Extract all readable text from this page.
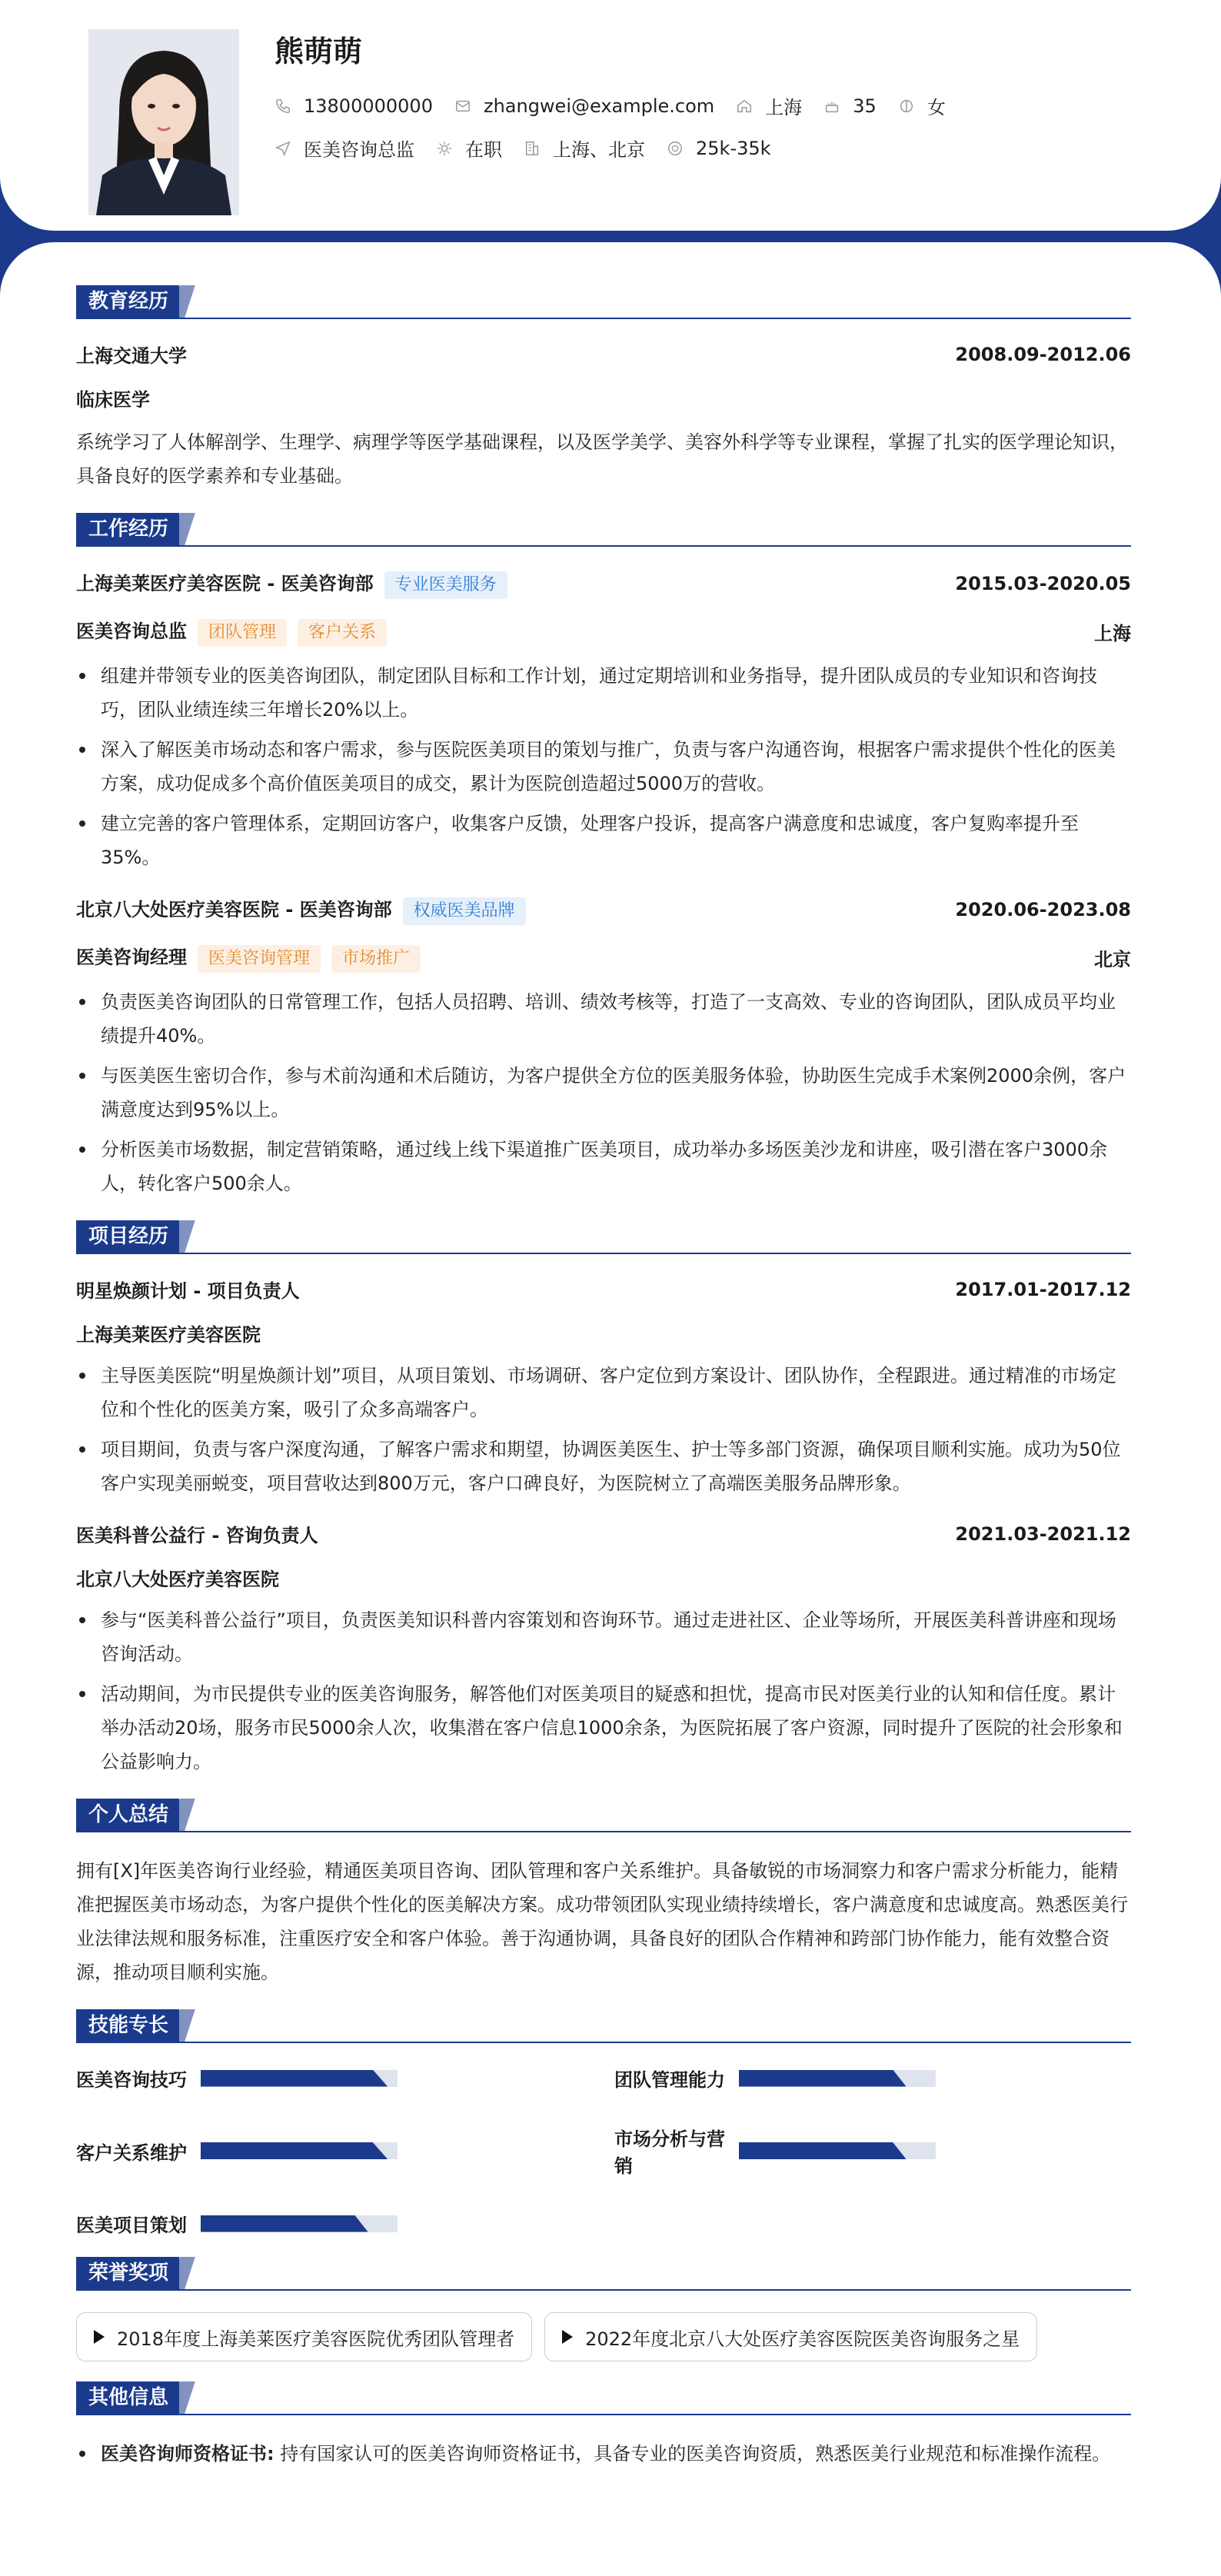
熊萌萌
13800000000	zhangwei@example.com	上海	35	女
医美咨询总监	在职	上海、北京	25k-35k
教育经历
上海交通大学	2008.09-2012.06
临床医学
系统学习了人体解剖学、生理学、病理学等医学基础课程，以及医学美学、美容外科学等专业课程，掌握了扎实的医学理论知识，具备良好的医学素养和专业基础。
工作经历
上海美莱医疗美容医院 - 医美咨询部 专业医美服务	2015.03-2020.05
医美咨询总监 团队管理 客户关系	上海
组建并带领专业的医美咨询团队，制定团队目标和工作计划，通过定期培训和业务指导，提升团队成员的专业知识和咨询技巧，团队业绩连续三年增长20%以上。
深入了解医美市场动态和客户需求，参与医院医美项目的策划与推广，负责与客户沟通咨询，根据客户需求提供个性化的医美方案，成功促成多个高价值医美项目的成交，累计为医院创造超过5000万的营收。
建立完善的客户管理体系，定期回访客户，收集客户反馈，处理客户投诉，提高客户满意度和忠诚度，客户复购率提升至35%。
北京八大处医疗美容医院 - 医美咨询部 权威医美品牌	2020.06-2023.08
医美咨询经理 医美咨询管理 市场推广	北京
负责医美咨询团队的日常管理工作，包括人员招聘、培训、绩效考核等，打造了一支高效、专业的咨询团队，团队成员平均业绩提升40%。
与医美医生密切合作，参与术前沟通和术后随访，为客户提供全方位的医美服务体验，协助医生完成手术案例2000余例，客户满意度达到95%以上。
分析医美市场数据，制定营销策略，通过线上线下渠道推广医美项目，成功举办多场医美沙龙和讲座，吸引潜在客户3000余人，转化客户500余人。
项目经历
明星焕颜计划 - 项目负责人	2017.01-2017.12
上海美莱医疗美容医院
主导医美医院“明星焕颜计划”项目，从项目策划、市场调研、客户定位到方案设计、团队协作，全程跟进。通过精准的市场定位和个性化的医美方案，吸引了众多高端客户。
项目期间，负责与客户深度沟通，了解客户需求和期望，协调医美医生、护士等多部门资源，确保项目顺利实施。成功为50位客户实现美丽蜕变，项目营收达到800万元，客户口碑良好，为医院树立了高端医美服务品牌形象。
医美科普公益行 - 咨询负责人	2021.03-2021.12
北京八大处医疗美容医院
参与“医美科普公益行”项目，负责医美知识科普内容策划和咨询环节。通过走进社区、企业等场所，开展医美科普讲座和现场咨询活动。
活动期间，为市民提供专业的医美咨询服务，解答他们对医美项目的疑惑和担忧，提高市民对医美行业的认知和信任度。累计举办活动20场，服务市民5000余人次，收集潜在客户信息1000余条，为医院拓展了客户资源，同时提升了医院的社会形象和公益影响力。
个人总结
拥有[X]年医美咨询行业经验，精通医美项目咨询、团队管理和客户关系维护。具备敏锐的市场洞察力和客户需求分析能力，能精准把握医美市场动态，为客户提供个性化的医美解决方案。成功带领团队实现业绩持续增长，客户满意度和忠诚度高。熟悉医美行业法律法规和服务标准，注重医疗安全和客户体验。善于沟通协调，具备良好的团队合作精神和跨部门协作能力，能有效整合资源，推动项目顺利实施。
技能专长
医美咨询技巧	团队管理能力
客户关系维护
市场分析与营销
医美项目策划
荣誉奖项
2018年度上海美莱医疗美容医院优秀团队管理者	2022年度北京八大处医疗美容医院医美咨询服务之星
其他信息
医美咨询师资格证书: 持有国家认可的医美咨询师资格证书，具备专业的医美咨询资质，熟悉医美行业规范和标准操作流程。
